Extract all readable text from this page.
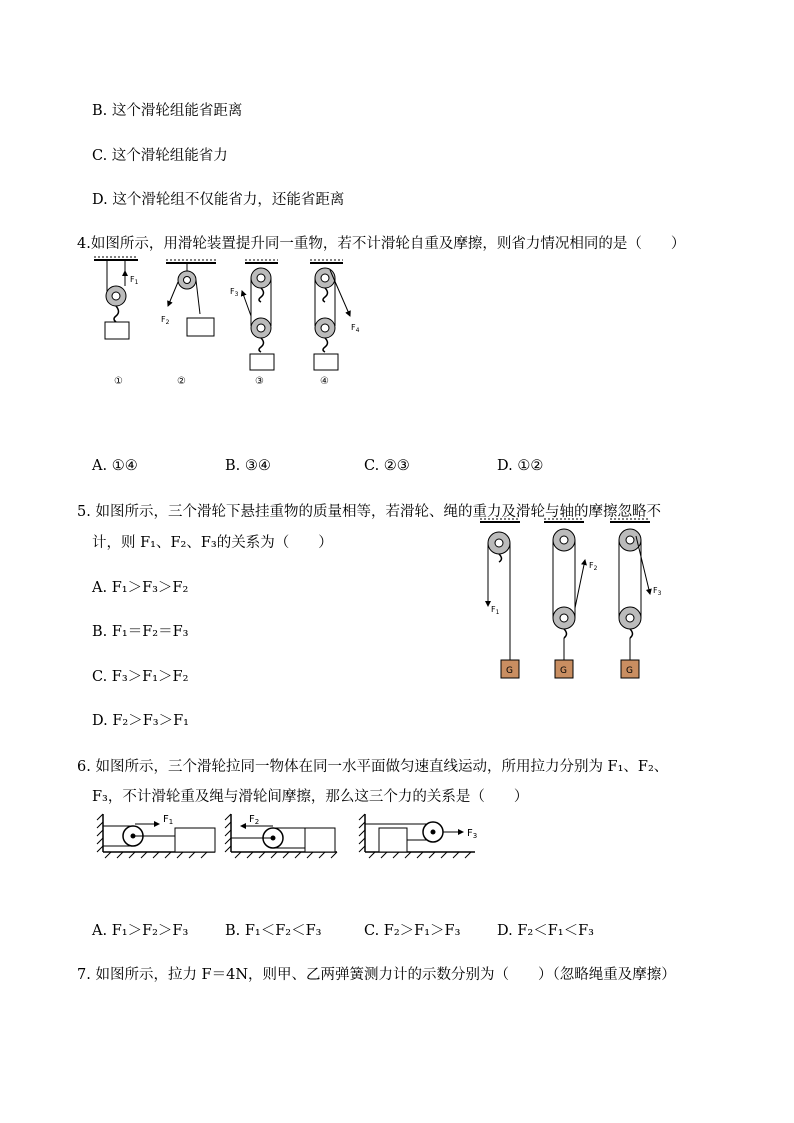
B. 这个滑轮组能省距离
C. 这个滑轮组能省力
D. 这个滑轮组不仅能省力，还能省距离
4.如图所示，用滑轮装置提升同一重物，若不计滑轮自重及摩擦，则省力情况相同的是（　　）
$F_1$
$F_2$
$F_3$
$F_4$
①	②	③	④
A. ①④	B. ③④	C. ②③	D. ①②
5. 如图所示，三个滑轮下悬挂重物的质量相等，若滑轮、绳的重力及滑轮与轴的摩擦忽略不
计，则 F₁、F₂、F₃的关系为（　　）
A. F₁＞F₃＞F₂
B. F₁＝F₂＝F₃
C. F₃＞F₁＞F₂
D. F₂＞F₃＞F₁
$F_1$
G	G
$F_2$
G
$F_3$
6. 如图所示，三个滑轮拉同一物体在同一水平面做匀速直线运动，所用拉力分别为 F₁、F₂、
F₃，不计滑轮重及绳与滑轮间摩擦，那么这三个力的关系是（　　）
$F_1$	$F_2$
$F_3$
A. F₁＞F₂＞F₃	B. F₁＜F₂＜F₃	C. F₂＞F₁＞F₃	D. F₂＜F₁＜F₃
7. 如图所示，拉力 F＝4N，则甲、乙两弹簧测力计的示数分别为（　　）（忽略绳重及摩擦）
